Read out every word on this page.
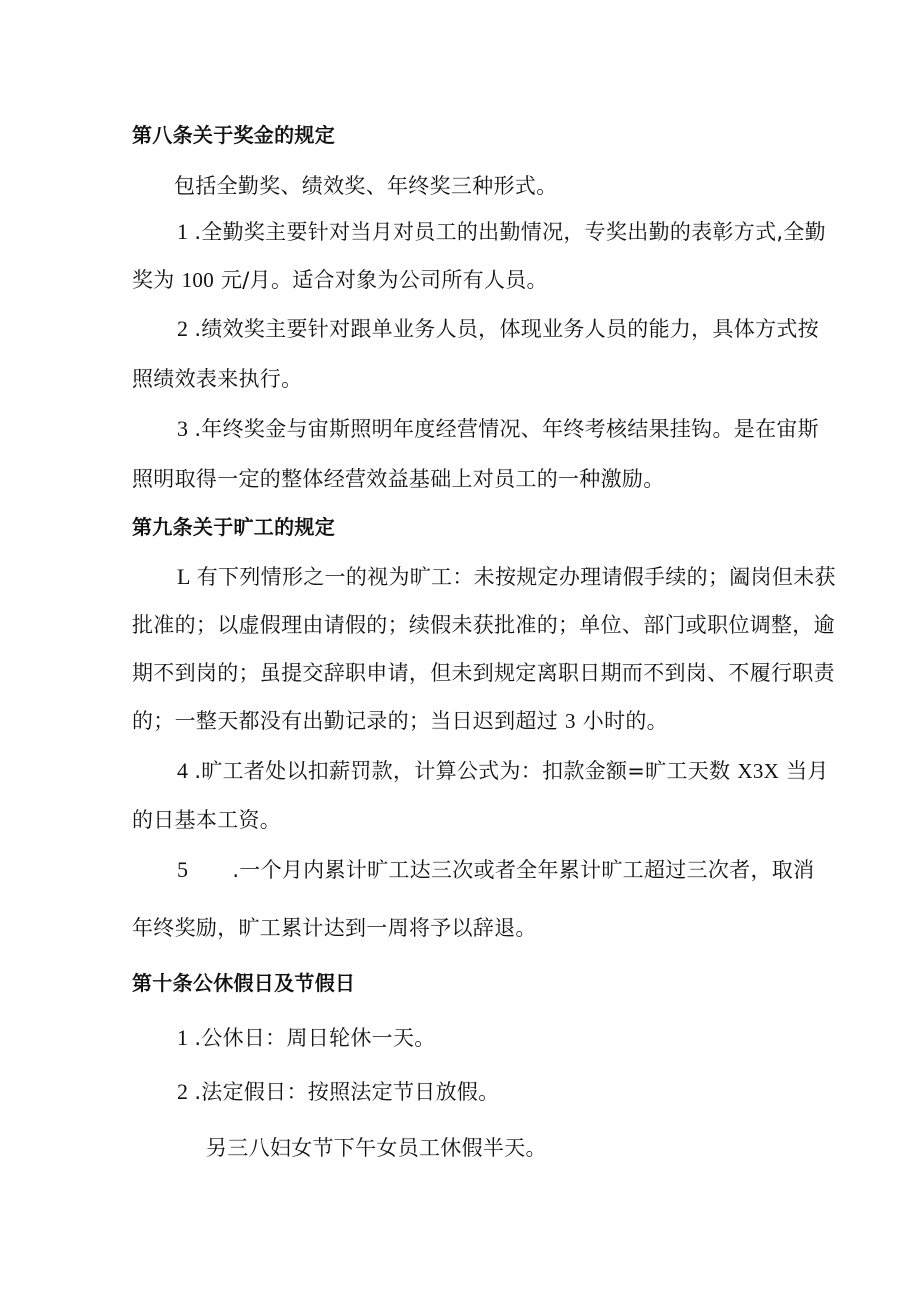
第八条关于奖金的规定
包括全勤奖、绩效奖、年终奖三种形式。
1 .全勤奖主要针对当月对员工的出勤情况，专奖出勤的表彰方式,全勤
奖为 100 元/月。适合对象为公司所有人员。
2 .绩效奖主要针对跟单业务人员，体现业务人员的能力，具体方式按
照绩效表来执行。
3 .年终奖金与宙斯照明年度经营情况、年终考核结果挂钩。是在宙斯
照明取得一定的整体经营效益基础上对员工的一种激励。
第九条关于旷工的规定
L 有下列情形之一的视为旷工：未按规定办理请假手续的；阖岗但未获
批准的；以虚假理由请假的；续假未获批准的；单位、部门或职位调整，逾
期不到岗的；虽提交辞职申请，但未到规定离职日期而不到岗、不履行职责
的；一整天都没有出勤记录的；当日迟到超过 3 小时的。
4 .旷工者处以扣薪罚款，计算公式为：扣款金额=旷工天数 X3X 当月
的日基本工资。
5 .一个月内累计旷工达三次或者全年累计旷工超过三次者，取消
年终奖励，旷工累计达到一周将予以辞退。
第十条公休假日及节假日
1 .公休日：周日轮休一天。
2 .法定假日：按照法定节日放假。
另三八妇女节下午女员工休假半天。
